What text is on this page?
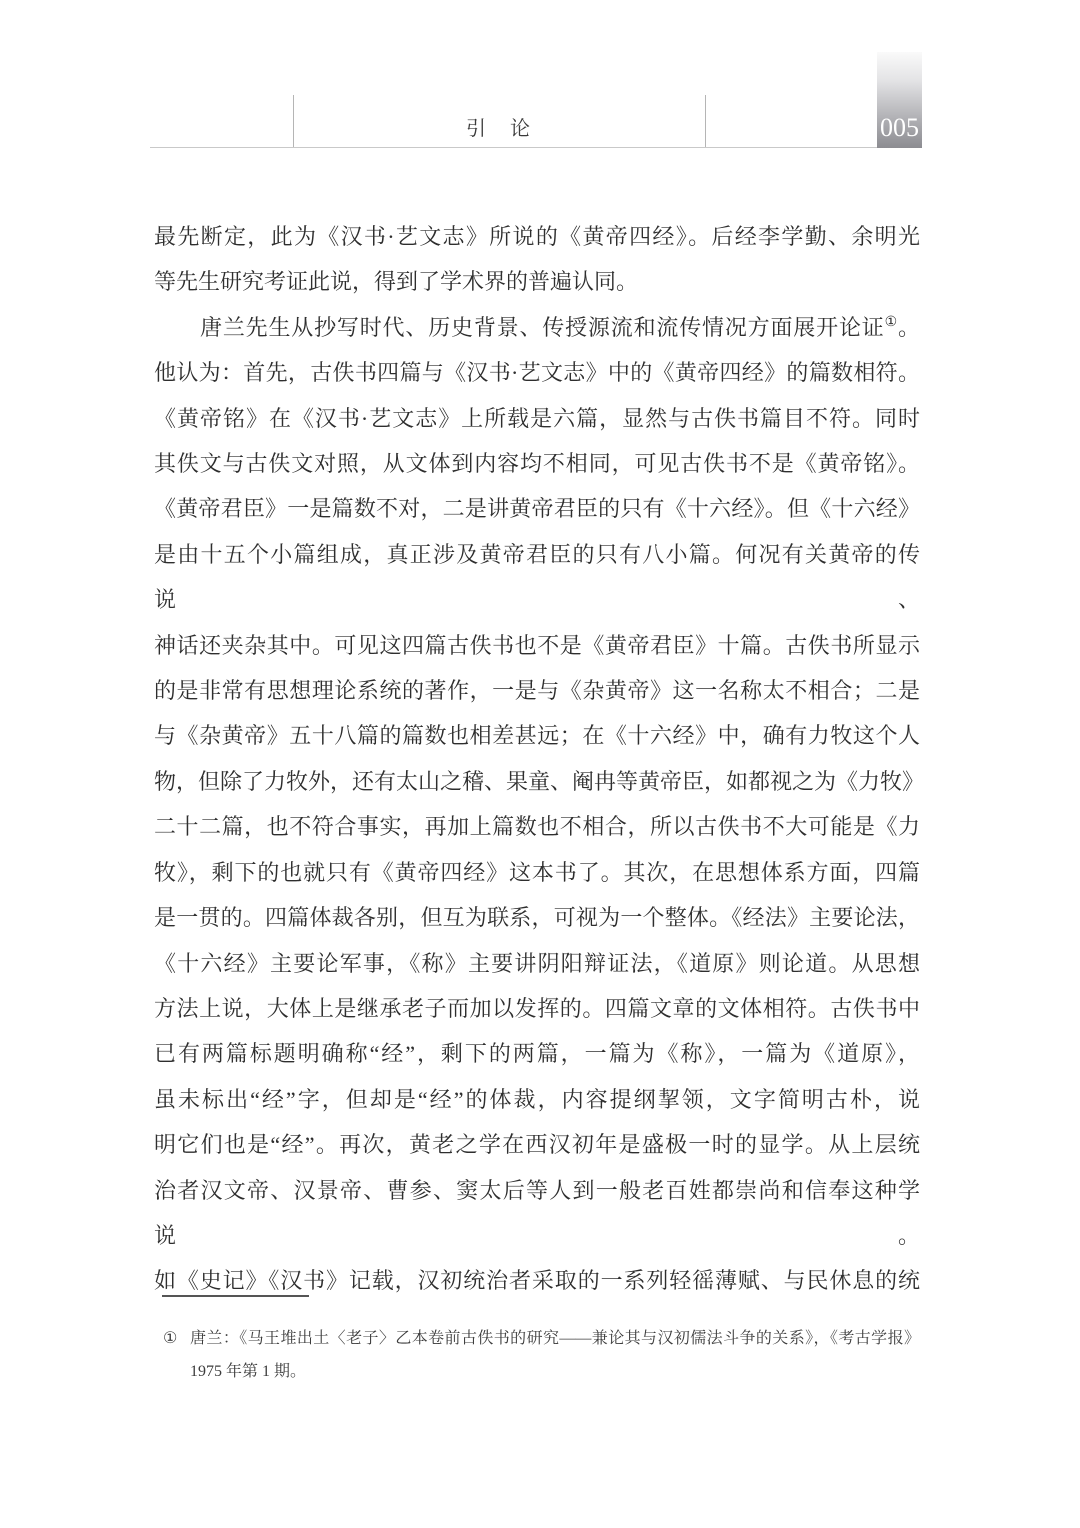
引　论	005
最先断定，此为《汉书·艺文志》所说的《黄帝四经》。后经李学勤、余明光
等先生研究考证此说，得到了学术界的普遍认同。
唐兰先生从抄写时代、历史背景、传授源流和流传情况方面展开论证①。
他认为：首先，古佚书四篇与《汉书·艺文志》中的《黄帝四经》的篇数相符。
《黄帝铭》在《汉书·艺文志》上所载是六篇，显然与古佚书篇目不符。同时
其佚文与古佚文对照，从文体到内容均不相同，可见古佚书不是《黄帝铭》。
《黄帝君臣》一是篇数不对，二是讲黄帝君臣的只有《十六经》。但《十六经》
是由十五个小篇组成，真正涉及黄帝君臣的只有八小篇。何况有关黄帝的传说、
神话还夹杂其中。可见这四篇古佚书也不是《黄帝君臣》十篇。古佚书所显示
的是非常有思想理论系统的著作，一是与《杂黄帝》这一名称太不相合；二是
与《杂黄帝》五十八篇的篇数也相差甚远；在《十六经》中，确有力牧这个人
物，但除了力牧外，还有太山之稽、果童、阉冉等黄帝臣，如都视之为《力牧》
二十二篇，也不符合事实，再加上篇数也不相合，所以古佚书不大可能是《力
牧》，剩下的也就只有《黄帝四经》这本书了。其次，在思想体系方面，四篇
是一贯的。四篇体裁各别，但互为联系，可视为一个整体。《经法》主要论法，
《十六经》主要论军事，《称》主要讲阴阳辩证法，《道原》则论道。从思想
方法上说，大体上是继承老子而加以发挥的。四篇文章的文体相符。古佚书中
已有两篇标题明确称“经”，剩下的两篇，一篇为《称》，一篇为《道原》，
虽未标出“经”字，但却是“经”的体裁，内容提纲挈领，文字简明古朴，说
明它们也是“经”。再次，黄老之学在西汉初年是盛极一时的显学。从上层统
治者汉文帝、汉景帝、曹参、窦太后等人到一般老百姓都崇尚和信奉这种学说。
如《史记》《汉书》记载，汉初统治者采取的一系列轻徭薄赋、与民休息的统
① 唐兰：《马王堆出土〈老子〉乙本卷前古佚书的研究——兼论其与汉初儒法斗争的关系》，《考古学报》
1975 年第 1 期。
